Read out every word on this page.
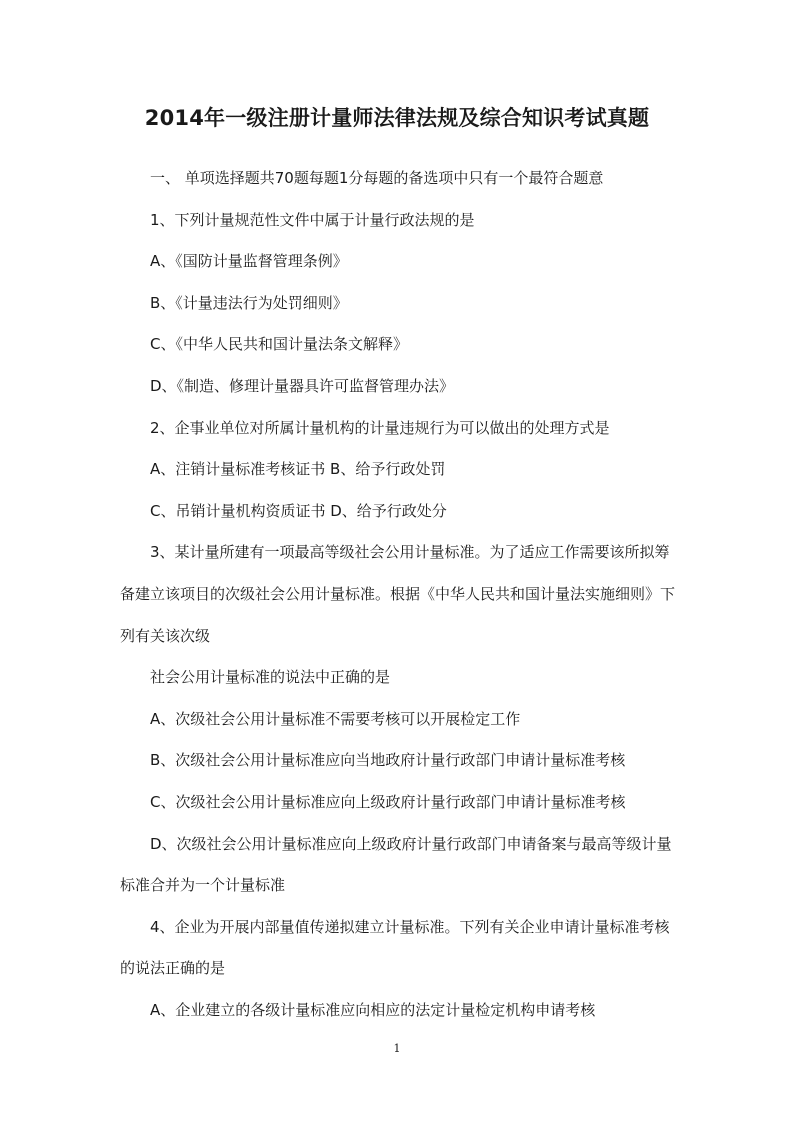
2014年一级注册计量师法律法规及综合知识考试真题

一、 单项选择题共70题每题1分每题的备选项中只有一个最符合题意

1、下列计量规范性文件中属于计量行政法规的是

A、《国防计量监督管理条例》

B、《计量违法行为处罚细则》

C、《中华人民共和国计量法条文解释》

D、《制造、修理计量器具许可监督管理办法》

2、企事业单位对所属计量机构的计量违规行为可以做出的处理方式是

A、注销计量标准考核证书 B、给予行政处罚

C、吊销计量机构资质证书 D、给予行政处分

3、某计量所建有一项最高等级社会公用计量标准。为了适应工作需要该所拟筹备建立该项目的次级社会公用计量标准。根据《中华人民共和国计量法实施细则》下列有关该次级

社会公用计量标准的说法中正确的是

A、次级社会公用计量标准不需要考核可以开展检定工作

B、次级社会公用计量标准应向当地政府计量行政部门申请计量标准考核

C、次级社会公用计量标准应向上级政府计量行政部门申请计量标准考核

D、次级社会公用计量标准应向上级政府计量行政部门申请备案与最高等级计量标准合并为一个计量标准

4、企业为开展内部量值传递拟建立计量标准。下列有关企业申请计量标准考核的说法正确的是

A、企业建立的各级计量标准应向相应的法定计量检定机构申请考核

1
